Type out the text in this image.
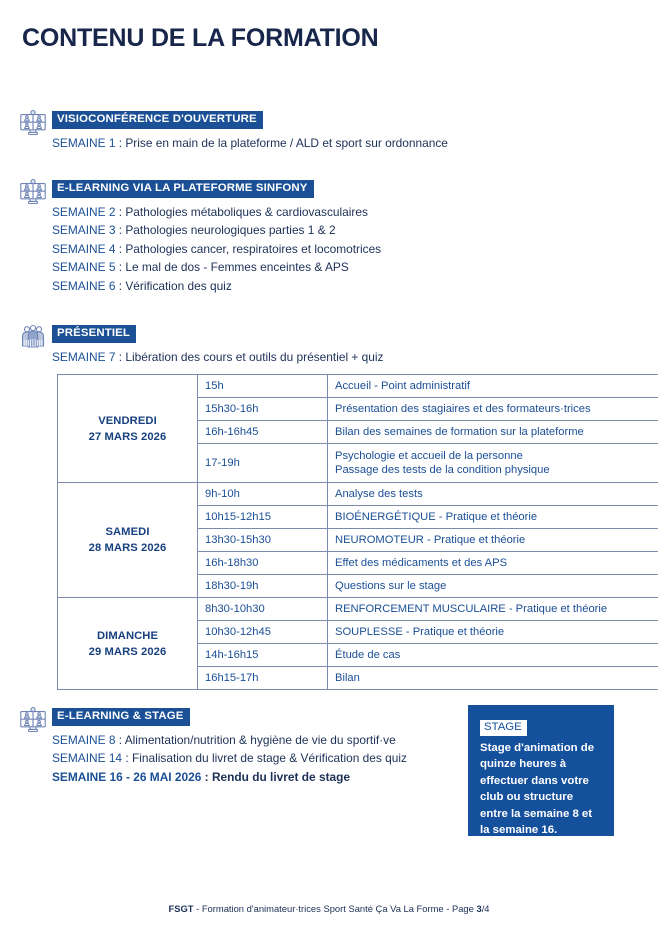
CONTENU DE LA FORMATION
VISIOCONFÉRENCE D'OUVERTURE
SEMAINE 1 : Prise en main de la plateforme / ALD et sport sur ordonnance
E-LEARNING VIA LA PLATEFORME SINFONY
SEMAINE 2 : Pathologies métaboliques & cardiovasculaires
SEMAINE 3 : Pathologies neurologiques parties 1 & 2
SEMAINE 4 : Pathologies cancer, respiratoires et locomotrices
SEMAINE 5 : Le mal de dos - Femmes enceintes & APS
SEMAINE 6 : Vérification des quiz
PRÉSENTIEL
SEMAINE 7 : Libération des cours et outils du présentiel + quiz
E-LEARNING & STAGE
SEMAINE 8 : Alimentation/nutrition & hygiène de vie du sportif·ve
SEMAINE 14 : Finalisation du livret de stage & Vérification des quiz
SEMAINE 16 - 26 MAI 2026 : Rendu du livret de stage
VENDREDI
27 MARS 2026	15h	Accueil - Point administratif

	15h30-16h	Présentation des stagiaires et des formateurs·trices

	16h-16h45	Bilan des semaines de formation sur la plateforme

	17-19h	Psychologie et accueil de la personne
Passage des tests de la condition physique

SAMEDI
28 MARS 2026	9h-10h	Analyse des tests

	10h15-12h15	BIOÉNERGÉTIQUE - Pratique et théorie

	13h30-15h30	NEUROMOTEUR - Pratique et théorie

	16h-18h30	Effet des médicaments et des APS

	18h30-19h	Questions sur le stage

DIMANCHE
29 MARS 2026	8h30-10h30	RENFORCEMENT MUSCULAIRE - Pratique et théorie

	10h30-12h45	SOUPLESSE - Pratique et théorie

	14h-16h15	Étude de cas

	16h15-17h	Bilan
STAGE
Stage d'animation de quinze heures à effectuer dans votre club ou structure entre la semaine 8 et la semaine 16.
FSGT - Formation d'animateur·trices Sport Santé Ça Va La Forme - Page 3/4
